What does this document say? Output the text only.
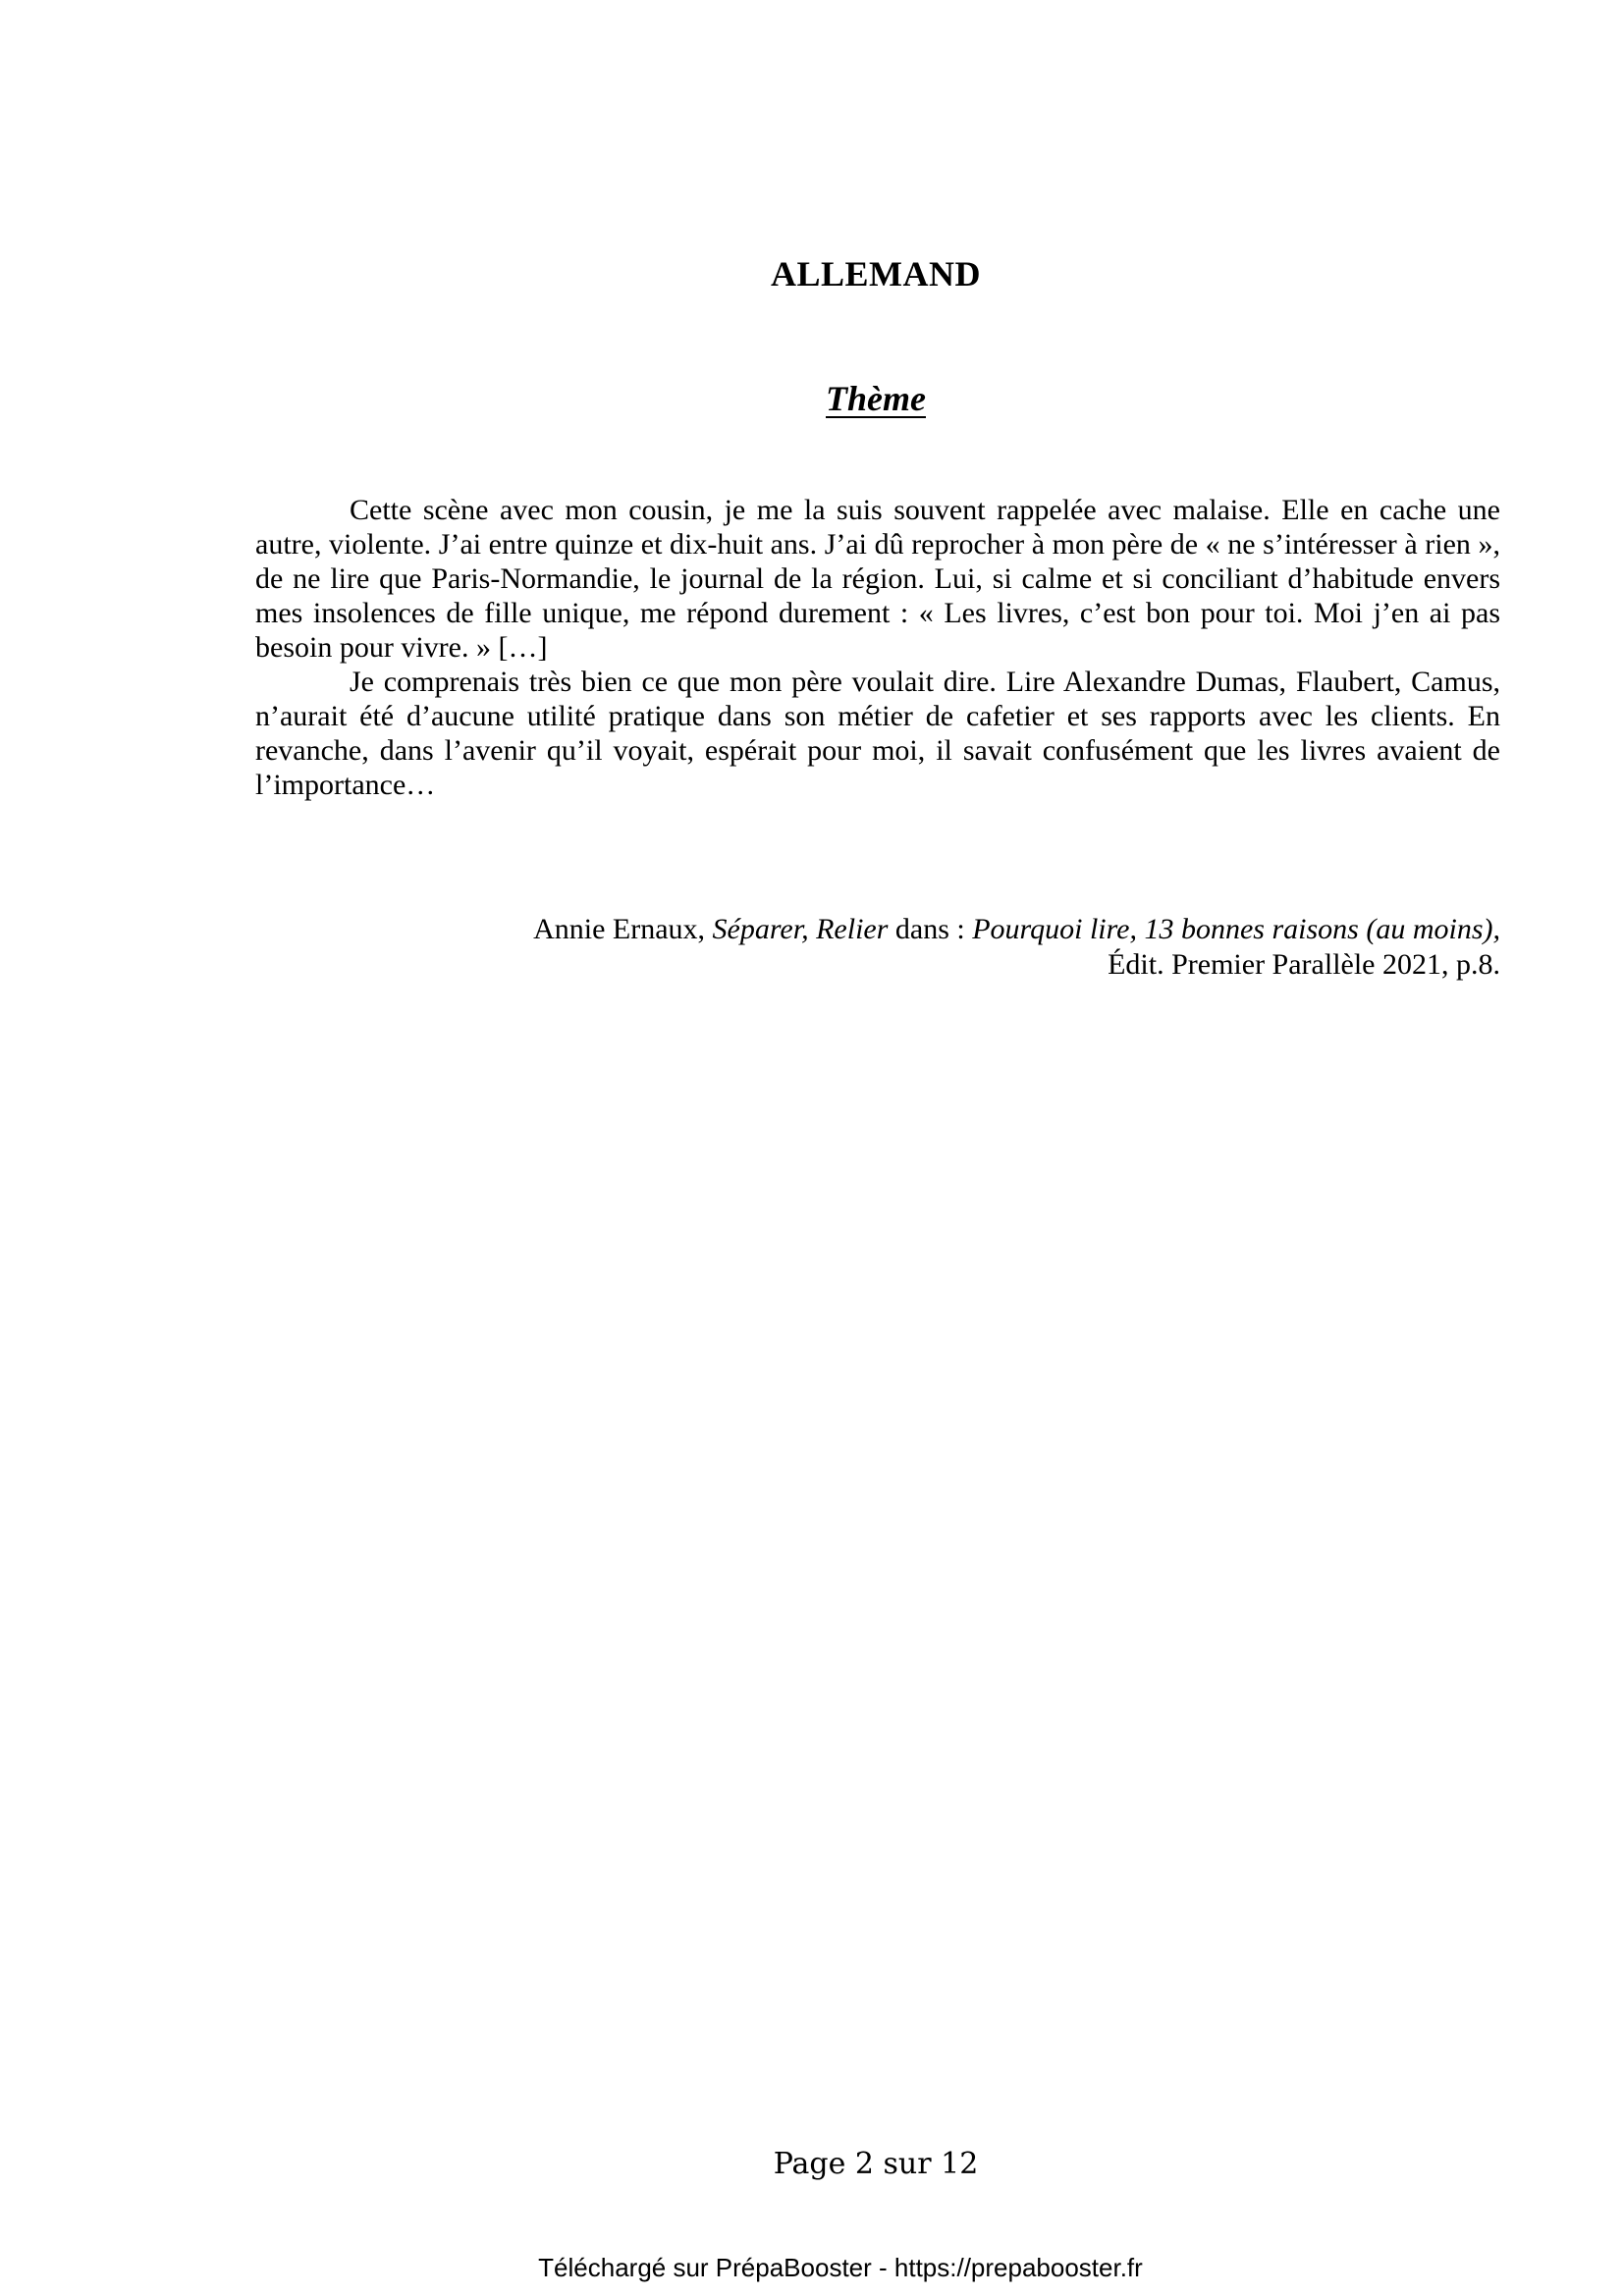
ALLEMAND
Thème

Cette scène avec mon cousin, je me la suis souvent rappelée avec malaise. Elle en cache une autre, violente. J’ai entre quinze et dix-huit ans. J’ai dû reprocher à mon père de « ne s’intéresser à rien », de ne lire que Paris-Normandie, le journal de la région. Lui, si calme et si conciliant d’habitude envers mes insolences de fille unique, me répond durement : « Les livres, c’est bon pour toi. Moi j’en ai pas besoin pour vivre. » […]

Je comprenais très bien ce que mon père voulait dire. Lire Alexandre Dumas, Flaubert, Camus, n’aurait été d’aucune utilité pratique dans son métier de cafetier et ses rapports avec les clients. En revanche, dans l’avenir qu’il voyait, espérait pour moi, il savait confusément que les livres avaient de l’importance…

Annie Ernaux, Séparer, Relier dans : Pourquoi lire, 13 bonnes raisons (au moins),
Édit. Premier Parallèle 2021, p.8.
Page 2 sur 12
Téléchargé sur PrépaBooster - https://prepabooster.fr
